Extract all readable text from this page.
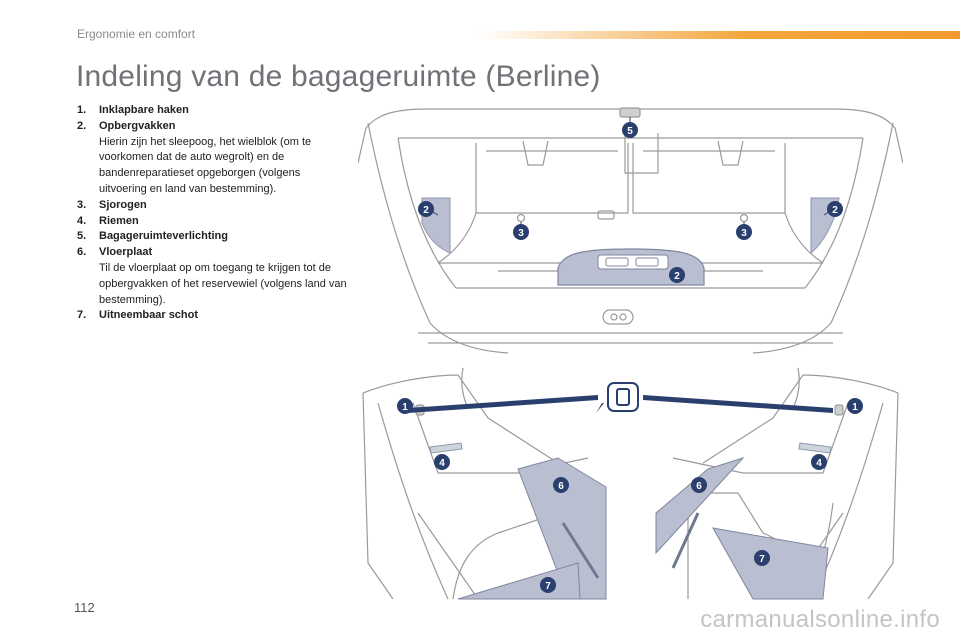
Ergonomie en comfort
Indeling van de bagageruimte (Berline)
1.	Inklapbare haken
2.	Opbergvakken
Hierin zijn het sleepoog, het wielblok (om te voorkomen dat de auto wegrolt) en de bandenreparatieset opgeborgen (volgens uitvoering en land van bestemming).
3.	Sjorogen
4.	Riemen
5.	Bagageruimteverlichting
6.	Vloerplaat
Til de vloerplaat op om toegang te krijgen tot de opbergvakken of het reservewiel (volgens land van bestemming).
7.	Uitneembaar schot
5
2
3	3
2
2
1	1
4	4
6	6
7
7
112	carmanualsonline.info
